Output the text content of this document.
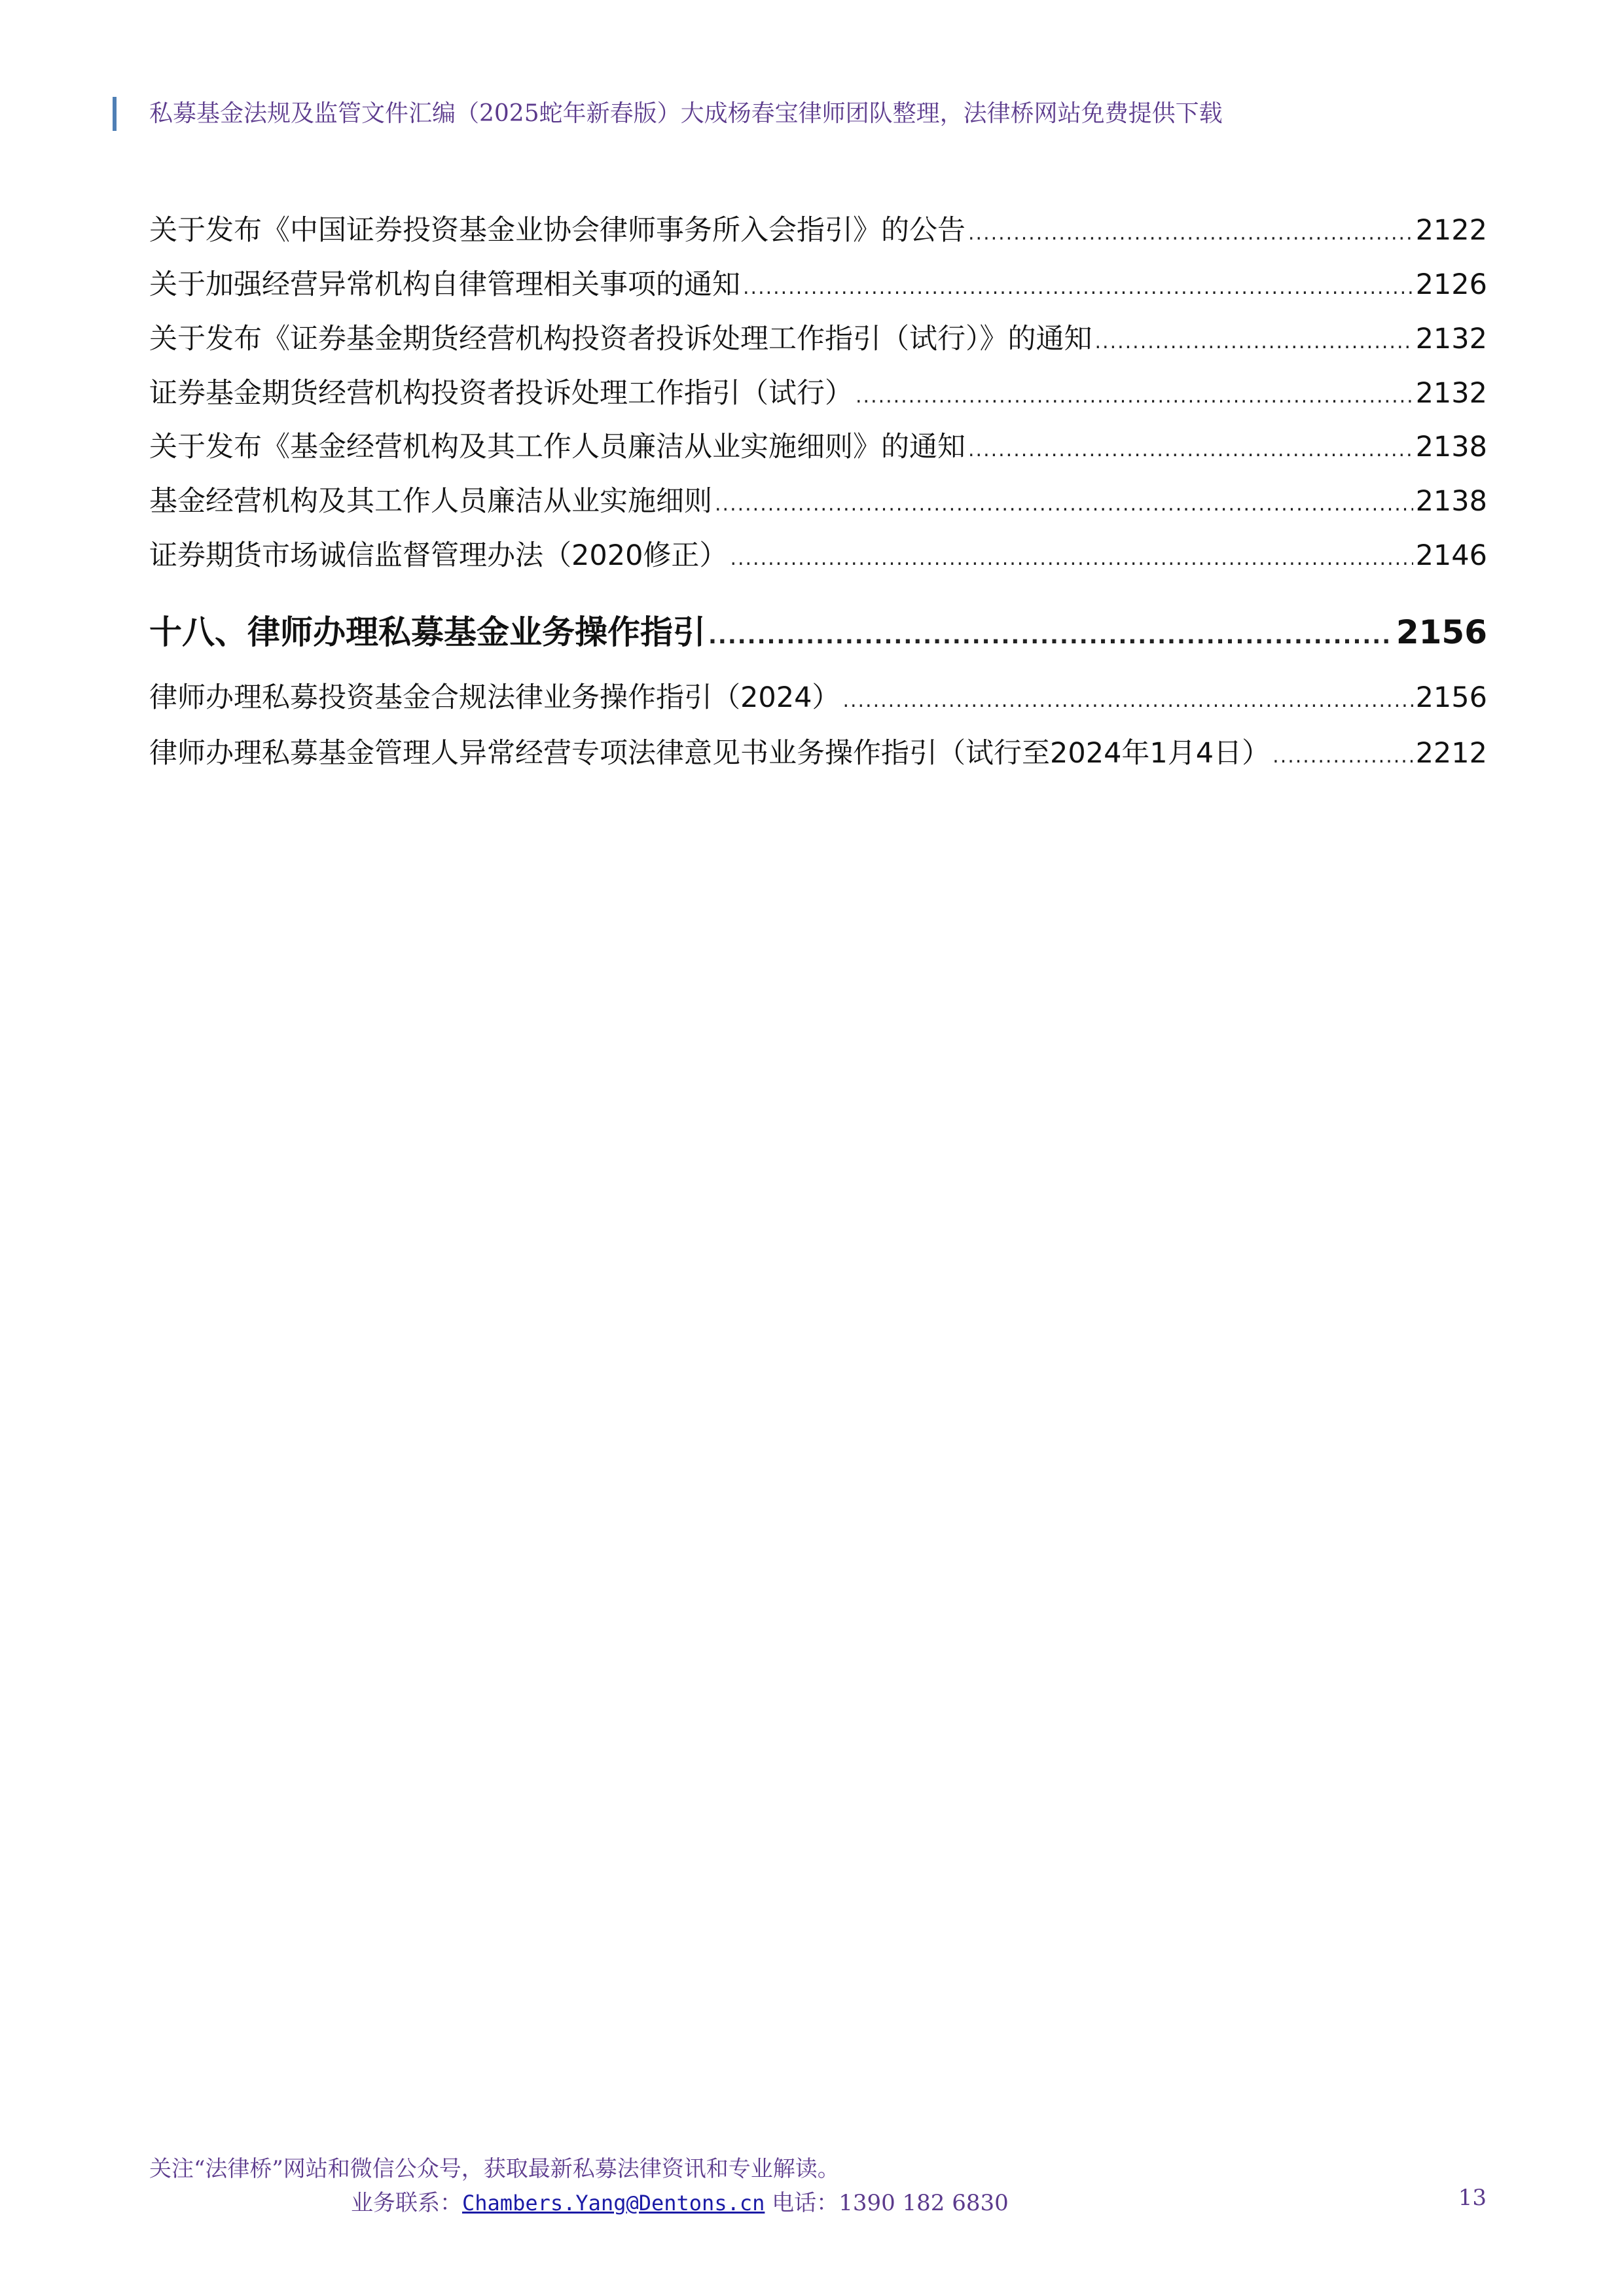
私募基金法规及监管文件汇编（2025蛇年新春版）大成杨春宝律师团队整理，法律桥网站免费提供下载
关于发布《中国证券投资基金业协会律师事务所入会指引》的公告 .....	2122
关于加强经营异常机构自律管理相关事项的通知 .....	2126
关于发布《证券基金期货经营机构投资者投诉处理工作指引（试行）》的通知 .....	2132
证券基金期货经营机构投资者投诉处理工作指引（试行） .....	2132
关于发布《基金经营机构及其工作人员廉洁从业实施细则》的通知 .....	2138
基金经营机构及其工作人员廉洁从业实施细则 .....	2138
证券期货市场诚信监督管理办法（2020修正） .....	2146
十八、律师办理私募基金业务操作指引 .....	2156
律师办理私募投资基金合规法律业务操作指引（2024） .....	2156
律师办理私募基金管理人异常经营专项法律意见书业务操作指引（试行至2024年1月4日） .....	2212
关注“法律桥”网站和微信公众号，获取最新私募法律资讯和专业解读。
业务联系：Chambers.Yang@Dentons.cn 电话：1390 182 6830	13
